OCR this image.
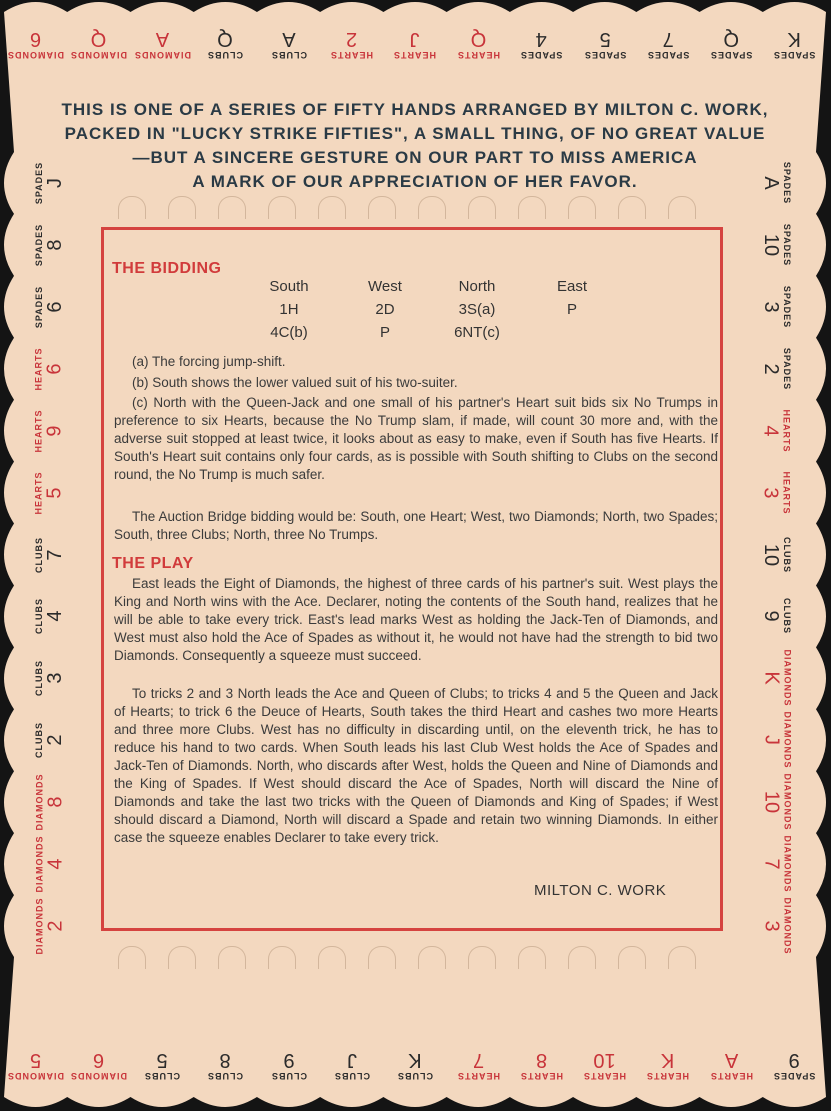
THIS IS ONE OF A SERIES OF FIFTY HANDS ARRANGED BY MILTON C. WORK,
PACKED IN "LUCKY STRIKE FIFTIES", A SMALL THING, OF NO GREAT VALUE
—BUT A SINCERE GESTURE ON OUR PART TO MISS AMERICA
A MARK OF OUR APPRECIATION OF HER FAVOR.
THE BIDDING
South	West	North	East
1H	2D	3S(a)	P
4C(b)	P	6NT(c)
(a) The forcing jump-shift.
(b) South shows the lower valued suit of his two-suiter.
(c) North with the Queen-Jack and one small of his partner's Heart suit bids six No Trumps in preference to six Hearts, because the No Trump slam, if made, will count 30 more and, with the adverse suit stopped at least twice, it looks about as easy to make, even if South has five Hearts. If South's Heart suit contains only four cards, as is possible with South shifting to Clubs on the second round, the No Trump is much safer.
The Auction Bridge bidding would be: South, one Heart; West, two Diamonds; North, two Spades; South, three Clubs; North, three No Trumps.
THE PLAY
East leads the Eight of Diamonds, the highest of three cards of his partner's suit. West plays the King and North wins with the Ace. Declarer, noting the contents of the South hand, realizes that he will be able to take every trick. East's lead marks West as holding the Jack-Ten of Diamonds, and West must also hold the Ace of Spades as without it, he would not have had the strength to bid two Diamonds. Consequently a squeeze must succeed.
To tricks 2 and 3 North leads the Ace and Queen of Clubs; to tricks 4 and 5 the Queen and Jack of Hearts; to trick 6 the Deuce of Hearts, South takes the third Heart and cashes two more Hearts and three more Clubs. West has no difficulty in discarding until, on the eleventh trick, he has to reduce his hand to two cards. When South leads his last Club West holds the Ace of Spades and Jack-Ten of Diamonds. North, who discards after West, holds the Queen and Nine of Diamonds and the King of Spades. If West should discard the Ace of Spades, North will discard the Nine of Diamonds and take the last two tricks with the Queen of Diamonds and King of Spades; if West should discard a Diamond, North will discard a Spade and retain two winning Diamonds. In either case the squeeze enables Declarer to take every trick.
MILTON C. WORK
DIAMONDS
6
DIAMONDS
Q
DIAMONDS
A
CLUBS
Q
CLUBS
A
HEARTS
2
HEARTS
J
HEARTS
Q
SPADES
4
SPADES
5
SPADES
7
SPADES
Q
SPADES
K
DIAMONDS
5
DIAMONDS
6
CLUBS
5
CLUBS
8
CLUBS
9
CLUBS
J
CLUBS
K
HEARTS
7
HEARTS
8
HEARTS
10
HEARTS
K
HEARTS
A
SPADES
9
SPADES J
SPADES 8
SPADES 6
HEARTS 6
HEARTS 9
HEARTS 5
CLUBS 7
CLUBS 4
CLUBS 3
CLUBS 2
DIAMONDS 8
DIAMONDS 4
DIAMONDS 2
SPADES
A
SPADES
10
SPADES
3
SPADES
2
HEARTS
4
HEARTS
3
CLUBS
10
CLUBS
9
DIAMONDS
K
DIAMONDS
J
DIAMONDS
10
DIAMONDS
7
DIAMONDS
3
